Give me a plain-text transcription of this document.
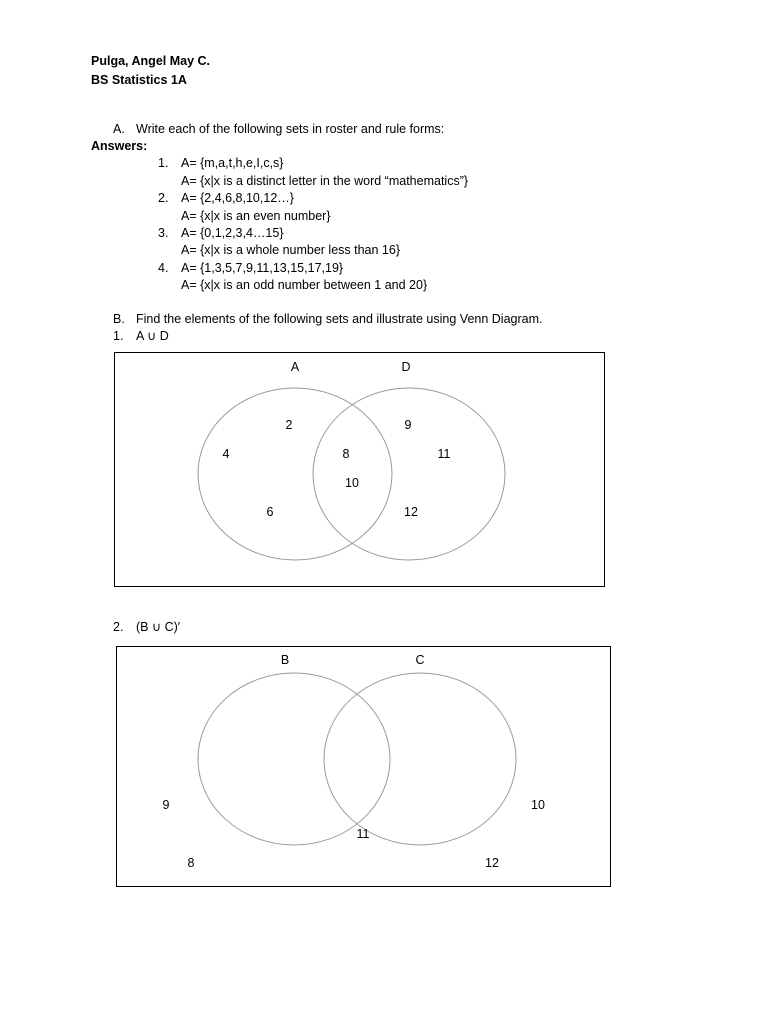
Pulga, Angel May C.
BS Statistics 1A
A. Write each of the following sets in roster and rule forms:
Answers:
1. A= {m,a,t,h,e,I,c,s}
A= {x|x is a distinct letter in the word “mathematics”}
2. A= {2,4,6,8,10,12…}
A= {x|x is an even number}
3. A= {0,1,2,3,4…15}
A= {x|x is a whole number less than 16}
4. A= {1,3,5,7,9,11,13,15,17,19}
A= {x|x is an odd number between 1 and 20}
B. Find the elements of the following sets and illustrate using Venn Diagram.
1. A ∪ D
A	D
2
4
6
8
10
9
11
12
B	C
9
8
11
10
12
2. (B ∪ C)′
